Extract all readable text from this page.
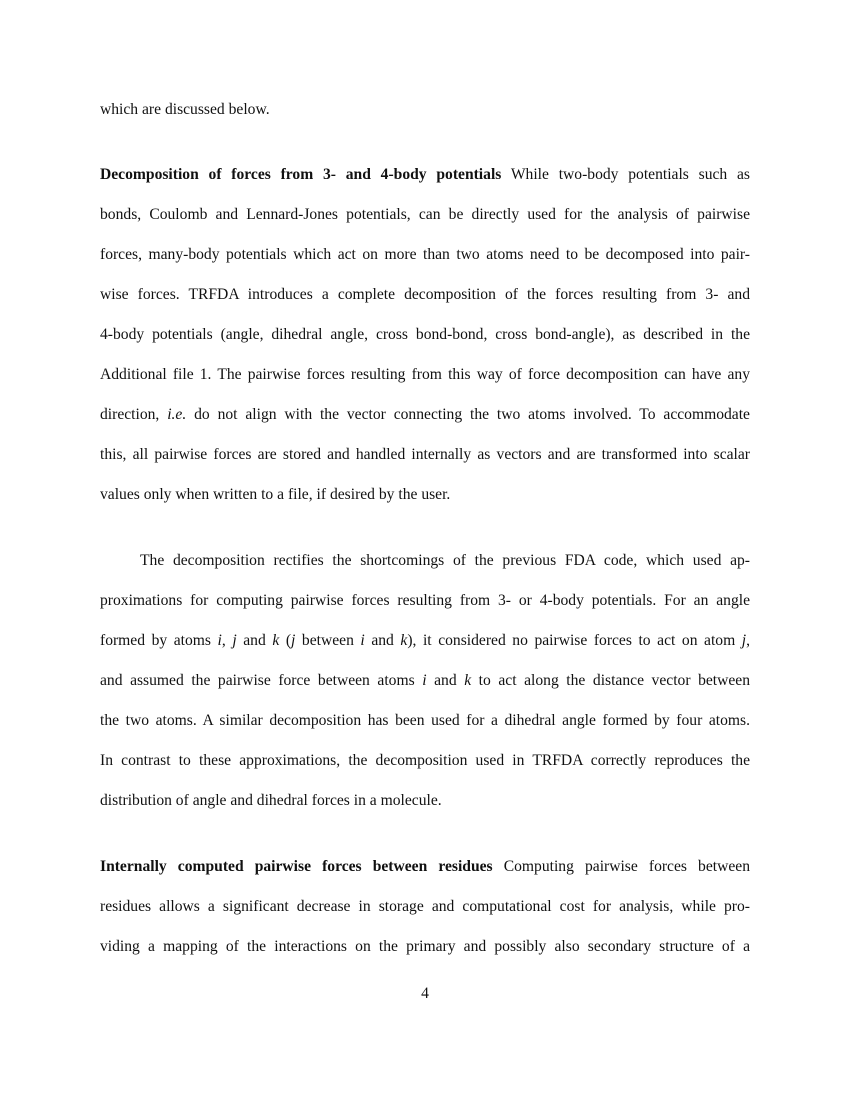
which are discussed below.
Decomposition of forces from 3- and 4-body potentials While two-body potentials such as
bonds, Coulomb and Lennard-Jones potentials, can be directly used for the analysis of pairwise
forces, many-body potentials which act on more than two atoms need to be decomposed into pair-
wise forces. TRFDA introduces a complete decomposition of the forces resulting from 3- and
4-body potentials (angle, dihedral angle, cross bond-bond, cross bond-angle), as described in the
Additional file 1. The pairwise forces resulting from this way of force decomposition can have any
direction, i.e. do not align with the vector connecting the two atoms involved. To accommodate
this, all pairwise forces are stored and handled internally as vectors and are transformed into scalar
values only when written to a file, if desired by the user.
The decomposition rectifies the shortcomings of the previous FDA code, which used ap-
proximations for computing pairwise forces resulting from 3- or 4-body potentials. For an angle
formed by atoms i, j and k (j between i and k), it considered no pairwise forces to act on atom j,
and assumed the pairwise force between atoms i and k to act along the distance vector between
the two atoms. A similar decomposition has been used for a dihedral angle formed by four atoms.
In contrast to these approximations, the decomposition used in TRFDA correctly reproduces the
distribution of angle and dihedral forces in a molecule.
Internally computed pairwise forces between residues Computing pairwise forces between
residues allows a significant decrease in storage and computational cost for analysis, while pro-
viding a mapping of the interactions on the primary and possibly also secondary structure of a
4
